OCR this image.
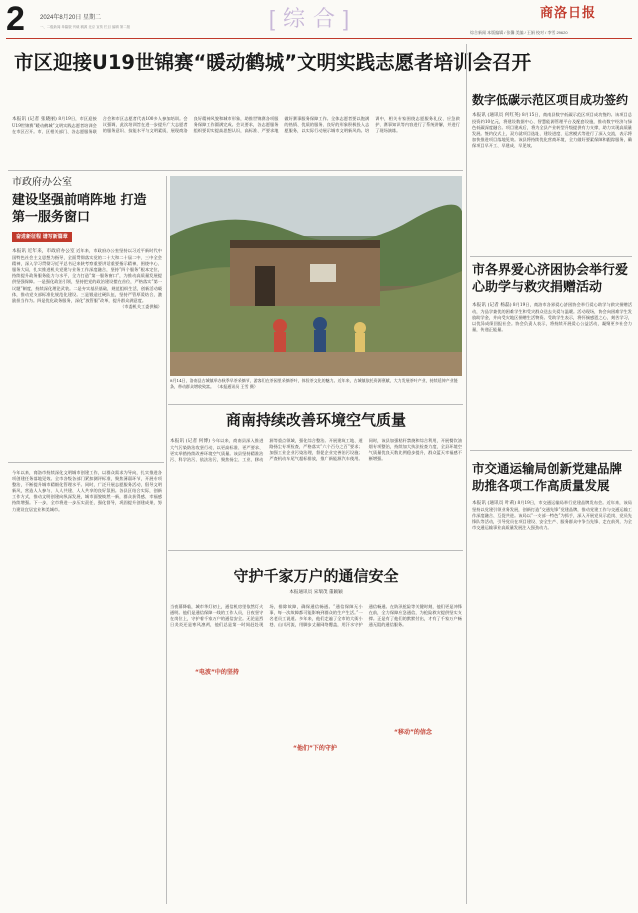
2	2024年8月20日 星期二	[综合]	商洛日报
一、二级新闻 单篇版 刊载 稿源 北京 宣传 栏目 编辑 第二版
综合新闻 本版编辑 / 张馨 美编 / 王娟 校对 / 李雪 29620
市区迎接U19世锦赛“暖动鹤城”文明实践志愿者培训会召开
本报讯 (记者 张晓丽) 8月19日，市区迎接U19世锦赛“暖动鹤城”文明实践志愿者培训会在市区召开。市、区相关部门、各志愿服务联合会和市区志愿者代表100多人参加培训。会议强调，此次培训旨在进一步提升广大志愿者的服务意识、技能水平与文明素质，展现商洛良好精神风貌和城市形象，助推世锦赛各项服务保障工作圆满完成。会议要求，各志愿服务组织要切实提高思想认识，高标准、严要求地做好赛事服务保障工作。全体志愿者要以饱满的热情、优质的服务、良好的形象积极投入志愿服务，以实际行动展示城市文明新风尚。培训中，相关专家围绕志愿服务礼仪、应急救护、赛事知识等内容进行了系统讲解，并进行了现场演练。
市政府办公室
建设坚强前哨阵地 打造第一服务窗口
奋进新征程 谱写新篇章
本报讯 近年来，市政府办公室 近年来，市政府办公室坚持以习近平新时代中国特色社会主义思想为指导，全面贯彻落实党的二十大和二十届二中、三中全会精神，深入学习贯彻习近平总书记来陕考察重要讲话重要指示精神，围绕中心、服务大局，扎实推进机关党建与业务工作深度融合，坚持“四个服务”根本定位，持续提升政务服务能力与水平，全力打造“第一服务窗口”，为推动高质量发展提供坚强保障。一是强化政治引领，坚持把党的政治建设摆在首位，严格落实“第一议题”制度，持续深化理论武装。二是夯实基层基础，规范组织生活，创新活动载体，推动党支部标准化规范化建设。三是锻造过硬队伍，坚持严管厚爱结合，激励担当作为。四是优化政务服务，深化“放管服”改革，提升群众满意度。
（市委机关工委供稿）
8月14日，洛南县古城镇举办秋季早茶采摘节，游客们在茶园里采摘茶叶，体验茶文化的魅力。近年来，古城镇依托资源禀赋，大力发展茶叶产业，持续延伸产业链条，带动群众增收致富。 （本报通讯员 王雪 摄）
商南持续改善环境空气质量
本报讯 (记者 何博) 今年以来，商南县深入推进大气污染防治攻坚行动，以更高标准、更严要求、更实举措持续改善环境空气质量。该县坚持精准治污、科学治污、依法治污，聚焦扬尘、工业、移动源等重点领域，强化综合整治。开展建筑工地、道路扬尘专项检查，严格落实“六个百分之百”要求；加强工业企业污染治理，督促企业完善治污设施；严查机动车尾气超标排放，推广新能源汽车使用。同时，该县加强秸秆禁烧和综合利用，开展餐饮油烟专项整治，持续加大执法检查力度，全县环境空气质量优良天数比例稳步提升，群众蓝天幸福感不断增强。
今年以来，商洛市持续深化文明城市创建工作，以群众需求为导向，扎实推进各项创建任务落地见效。全市各级各部门紧扣测评标准，聚焦薄弱环节，开展专项整治，不断提升城市精细化管理水平。同时，广泛开展志愿服务活动，倡导文明新风，营造人人参与、人人共建、人人共享的良好氛围。各县区结合实际，创新工作方式，推动文明创建向纵深发展，城市面貌焕然一新，群众获得感、幸福感持续增强。下一步，全市将进一步压实责任，强化督导，巩固提升创建成果，努力建设宜居宜业和美城市。
数字低碳示范区项目成功签约
本报讯 (通讯员 何红英) 8月15日，商南县数字低碳示范区项目成功签约。该项目总投资约10亿元，将建设数据中心、智慧能源管理平台及配套设施，推动数字经济与绿色低碳深度融合。项目建成后，将为全县产业转型升级提供有力支撑，助力实现高质量发展。签约仪式上，双方就项目选址、建设进度、运营模式等进行了深入交流，表示将加快推进项目落地见效。该县将持续优化营商环境，全力做好要素保障和跟踪服务，确保项目早开工、早建成、早见效。
市各界爱心济困协会举行爱心助学与救灾捐赠活动
本报讯 (记者 杨磊) 8月19日，商洛市各界爱心济困协会举行爱心助学与救灾捐赠活动，为品学兼优的困难学生和受灾群众送去关爱与温暖。活动现场，协会向困难学生发放助学金，并向受灾地区捐赠生活物资。受助学生表示，将怀揣感恩之心，刻苦学习，以优异成绩回报社会。协会负责人表示，将持续开展爱心公益活动，凝聚更多社会力量，传递正能量。
市交通运输局创新党建品牌助推各项工作高质量发展
本报讯 (通讯员 叶莉) 8月19日，市交通运输局举行党建品牌发布会。近年来，该局坚持以党建引领业务发展，创新打造“交通先锋”党建品牌，推动党建工作与交通运输工作深度融合、互促共进。该局以“一支部一特色”为抓手，深入开展党员示范岗、党员先锋队等活动，引导党员在项目建设、安全生产、服务群众中争当先锋、走在前列，为全市交通运输事业高质量发展注入强劲动力。
守护千家万户的通信安全
本报通讯员 宋瑞茂 董颖颖
当夜幕降临，城市华灯初上，通信机房里依然灯火通明。他们是通信保障一线的工作人员，日夜坚守在岗位上，守护着千家万户的通信安全。无论是烈日炎炎还是寒风凛冽，他们总是第一时间赶赴现场，排除故障，确保通信畅通。“通信保障无小事，每一次故障都可能影响到群众的生产生活。”一名老员工说道。多年来，他们走遍了全市的大街小巷、山川河流，用脚步丈量网络覆盖，用汗水守护通信畅通。在防汛抢险等关键时刻，他们更是冲锋在前，全力保障应急通信，为抢险救灾提供坚实支撑。正是有了他们的默默付出，才有了千家万户畅通无阻的通信服务。
“电波”中的坚持
“他们”下的守护
“移动”的信念
